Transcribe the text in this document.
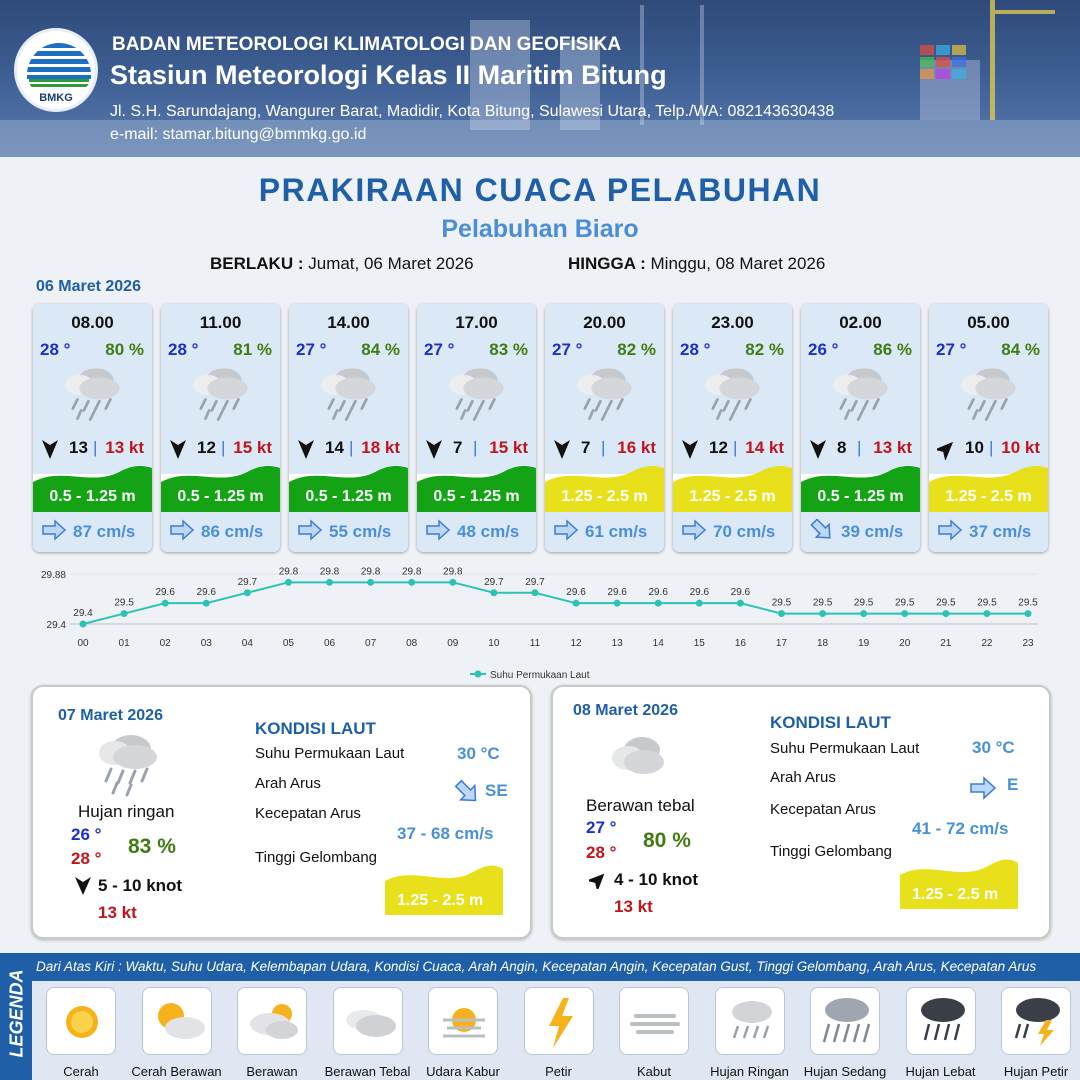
BMKG
BADAN METEOROLOGI KLIMATOLOGI DAN GEOFISIKA
Stasiun Meteorologi Kelas II Maritim Bitung
Jl. S.H. Sarundajang, Wangurer Barat, Madidir, Kota Bitung, Sulawesi Utara, Telp./WA: 082143630438
e-mail: stamar.bitung@bmmkg.go.id
PRAKIRAAN CUACA PELABUHAN
Pelabuhan Biaro
BERLAKU : Jumat, 06 Maret 2026	HINGGA : Minggu, 08 Maret 2026
06 Maret 2026
08.00
28 ° 80 %
13 | 13 kt
0.5 - 1.25 m
87 cm/s
11.00
28 ° 81 %
12 | 15 kt
0.5 - 1.25 m
86 cm/s
14.00
27 ° 84 %
14 | 18 kt
0.5 - 1.25 m
55 cm/s
17.00
27 ° 83 %
7 | 15 kt
0.5 - 1.25 m
48 cm/s
20.00
27 ° 82 %
7 | 16 kt
1.25 - 2.5 m
61 cm/s
23.00
28 ° 82 %
12 | 14 kt
1.25 - 2.5 m
70 cm/s
02.00
26 ° 86 %
8 | 13 kt
0.5 - 1.25 m
39 cm/s
05.00
27 ° 84 %
10 | 10 kt
1.25 - 2.5 m
37 cm/s
29.88
29.4
29.4
00
29.5
01
29.6
02
29.6
03
29.7
04
29.8
05
29.8
06
29.8
07
29.8
08
29.8
09
29.7
10
29.7
11
29.6
12
29.6
13
29.6
14
29.6
15
29.6
16
29.5
17
29.5
18
29.5
19
29.5
20
29.5
21
29.5
22
29.5
23
Suhu Permukaan Laut
07 Maret 2026
Hujan ringan
26 °
28 °
83 %
5 - 10 knot
13 kt
KONDISI LAUT
Suhu Permukaan Laut	30 °C
Arah Arus	SE
Kecepatan Arus
37 - 68 cm/s
Tinggi Gelombang
1.25 - 2.5 m
08 Maret 2026
Berawan tebal
27 °
28 °
80 %
4 - 10 knot
13 kt
KONDISI LAUT
Suhu Permukaan Laut	30 °C
Arah Arus	E
Kecepatan Arus
41 - 72 cm/s
Tinggi Gelombang
1.25 - 2.5 m
LEGENDA
Dari Atas Kiri : Waktu, Suhu Udara, Kelembapan Udara, Kondisi Cuaca, Arah Angin, Kecepatan Angin, Kecepatan Gust, Tinggi Gelombang, Arah Arus, Kecepatan Arus
Cerah	Cerah Berawan	Berawan	Berawan Tebal	Udara Kabur	Petir	Kabut	Hujan Ringan	Hujan Sedang	Hujan Lebat	Hujan Petir
